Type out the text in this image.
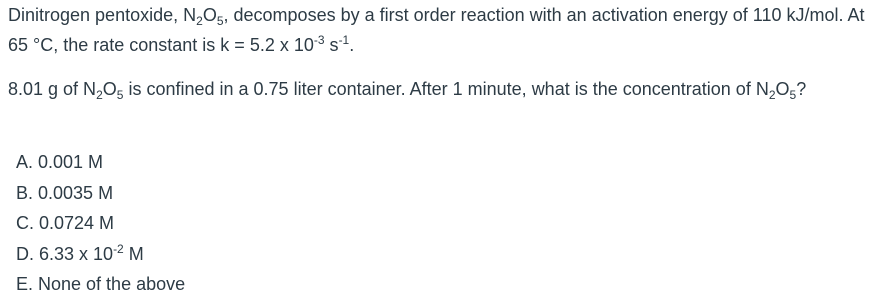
Dinitrogen pentoxide, $N_2O_5$, decomposes by a first order reaction with an activation energy of 110 kJ/mol. At 65 °C, the rate constant is k = 5.2 x $10^{-3}$ $s^{-1}$.

8.01 g of $N_2O_5$ is confined in a 0.75 liter container. After 1 minute, what is the concentration of $N_2O_5$?

A. 0.001 M
B. 0.0035 M
C. 0.0724 M
D. 6.33 x $10^{-2}$ M
E. None of the above
